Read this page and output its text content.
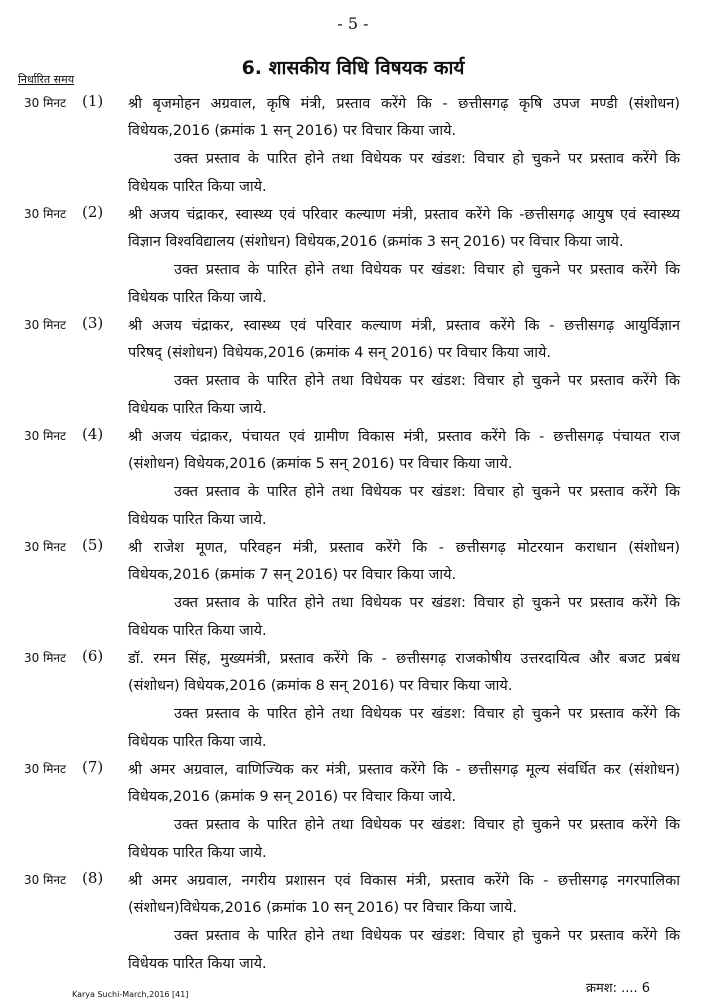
- 5 -
6. शासकीय विधि विषयक कार्य
निर्धारित समय
30 मिनट (1) श्री बृजमोहन अग्रवाल, कृषि मंत्री, प्रस्ताव करेंगे कि - छत्तीसगढ़ कृषि उपज मण्डी (संशोधन)
विधेयक,2016 (क्रमांक 1 सन् 2016) पर विचार किया जाये.
उक्त प्रस्ताव के पारित होने तथा विधेयक पर खंडश: विचार हो चुकने पर प्रस्ताव करेंगे कि
विधेयक पारित किया जाये.
30 मिनट (2) श्री अजय चंद्राकर, स्वास्थ्य एवं परिवार कल्याण मंत्री, प्रस्ताव करेंगे कि -छत्तीसगढ़ आयुष एवं स्वास्थ्य
विज्ञान विश्वविद्यालय (संशोधन) विधेयक,2016 (क्रमांक 3 सन् 2016) पर विचार किया जाये.
उक्त प्रस्ताव के पारित होने तथा विधेयक पर खंडश: विचार हो चुकने पर प्रस्ताव करेंगे कि
विधेयक पारित किया जाये.
30 मिनट (3) श्री अजय चंद्राकर, स्वास्थ्य एवं परिवार कल्याण मंत्री, प्रस्ताव करेंगे कि - छत्तीसगढ़ आयुर्विज्ञान
परिषद् (संशोधन) विधेयक,2016 (क्रमांक 4 सन् 2016) पर विचार किया जाये.
उक्त प्रस्ताव के पारित होने तथा विधेयक पर खंडश: विचार हो चुकने पर प्रस्ताव करेंगे कि
विधेयक पारित किया जाये.
30 मिनट (4) श्री अजय चंद्राकर, पंचायत एवं ग्रामीण विकास मंत्री, प्रस्ताव करेंगे कि - छत्तीसगढ़ पंचायत राज
(संशोधन) विधेयक,2016 (क्रमांक 5 सन् 2016) पर विचार किया जाये.
उक्त प्रस्ताव के पारित होने तथा विधेयक पर खंडश: विचार हो चुकने पर प्रस्ताव करेंगे कि
विधेयक पारित किया जाये.
30 मिनट (5) श्री राजेश मूणत, परिवहन मंत्री, प्रस्ताव करेंगे कि - छत्तीसगढ़ मोटरयान कराधान (संशोधन)
विधेयक,2016 (क्रमांक 7 सन् 2016) पर विचार किया जाये.
उक्त प्रस्ताव के पारित होने तथा विधेयक पर खंडश: विचार हो चुकने पर प्रस्ताव करेंगे कि
विधेयक पारित किया जाये.
30 मिनट (6) डॉ. रमन सिंह, मुख्यमंत्री, प्रस्ताव करेंगे कि - छत्तीसगढ़ राजकोषीय उत्तरदायित्व और बजट प्रबंध
(संशोधन) विधेयक,2016 (क्रमांक 8 सन् 2016) पर विचार किया जाये.
उक्त प्रस्ताव के पारित होने तथा विधेयक पर खंडश: विचार हो चुकने पर प्रस्ताव करेंगे कि
विधेयक पारित किया जाये.
30 मिनट (7) श्री अमर अग्रवाल, वाणिज्यिक कर मंत्री, प्रस्ताव करेंगे कि - छत्तीसगढ़ मूल्य संवर्धित कर (संशोधन)
विधेयक,2016 (क्रमांक 9 सन् 2016) पर विचार किया जाये.
उक्त प्रस्ताव के पारित होने तथा विधेयक पर खंडश: विचार हो चुकने पर प्रस्ताव करेंगे कि
विधेयक पारित किया जाये.
30 मिनट (8) श्री अमर अग्रवाल, नगरीय प्रशासन एवं विकास मंत्री, प्रस्ताव करेंगे कि - छत्तीसगढ़ नगरपालिका
(संशोधन)विधेयक,2016 (क्रमांक 10 सन् 2016) पर विचार किया जाये.
उक्त प्रस्ताव के पारित होने तथा विधेयक पर खंडश: विचार हो चुकने पर प्रस्ताव करेंगे कि
विधेयक पारित किया जाये.
Karya Suchi-March,2016 [41]	क्रमश: .... 6
